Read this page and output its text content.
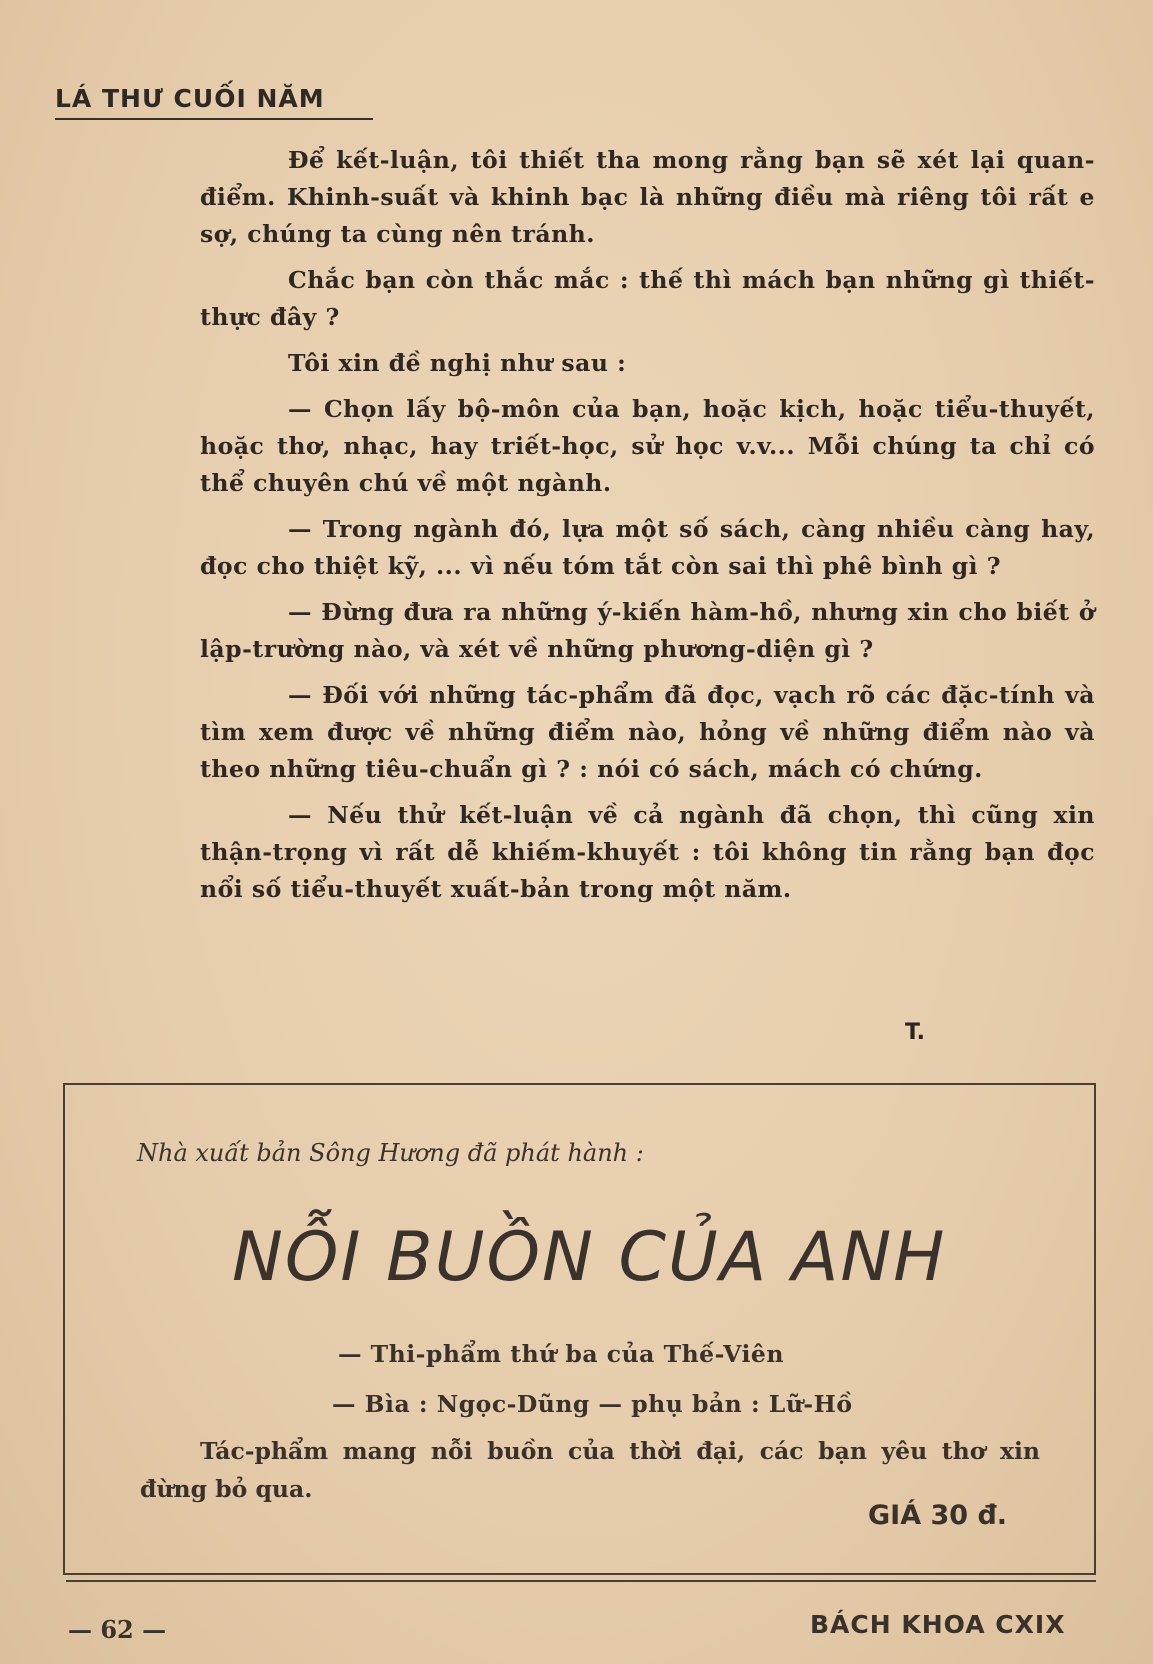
LÁ THƯ CUỐI NĂM

Để kết-luận, tôi thiết tha mong rằng bạn sẽ xét lại quan-điểm. Khinh-suất và khinh bạc là những điều mà riêng tôi rất e sợ, chúng ta cùng nên tránh.

Chắc bạn còn thắc mắc : thế thì mách bạn những gì thiết-thực đây ?

Tôi xin đề nghị như sau :

— Chọn lấy bộ-môn của bạn, hoặc kịch, hoặc tiểu-thuyết, hoặc thơ, nhạc, hay triết-học, sử học v.v... Mỗi chúng ta chỉ có thể chuyên chú về một ngành.

— Trong ngành đó, lựa một số sách, càng nhiều càng hay, đọc cho thiệt kỹ, ... vì nếu tóm tắt còn sai thì phê bình gì ?

— Đừng đưa ra những ý-kiến hàm-hồ, nhưng xin cho biết ở lập-trường nào, và xét về những phương-diện gì ?

— Đối với những tác-phẩm đã đọc, vạch rõ các đặc-tính và tìm xem được về những điểm nào, hỏng về những điểm nào và theo những tiêu-chuẩn gì ? : nói có sách, mách có chứng.

— Nếu thử kết-luận về cả ngành đã chọn, thì cũng xin thận-trọng vì rất dễ khiếm-khuyết : tôi không tin rằng bạn đọc nổi số tiểu-thuyết xuất-bản trong một năm.

T.
Nhà xuất bản Sông Hương đã phát hành :
NỖI BUỒN CỦA ANH
— Thi-phẩm thứ ba của Thế-Viên
— Bìa : Ngọc-Dũng — phụ bản : Lữ-Hồ
Tác-phẩm mang nỗi buồn của thời đại, các bạn yêu thơ xin đừng bỏ qua.
GIÁ 30 đ.
— 62 —	BÁCH KHOA CXIX
